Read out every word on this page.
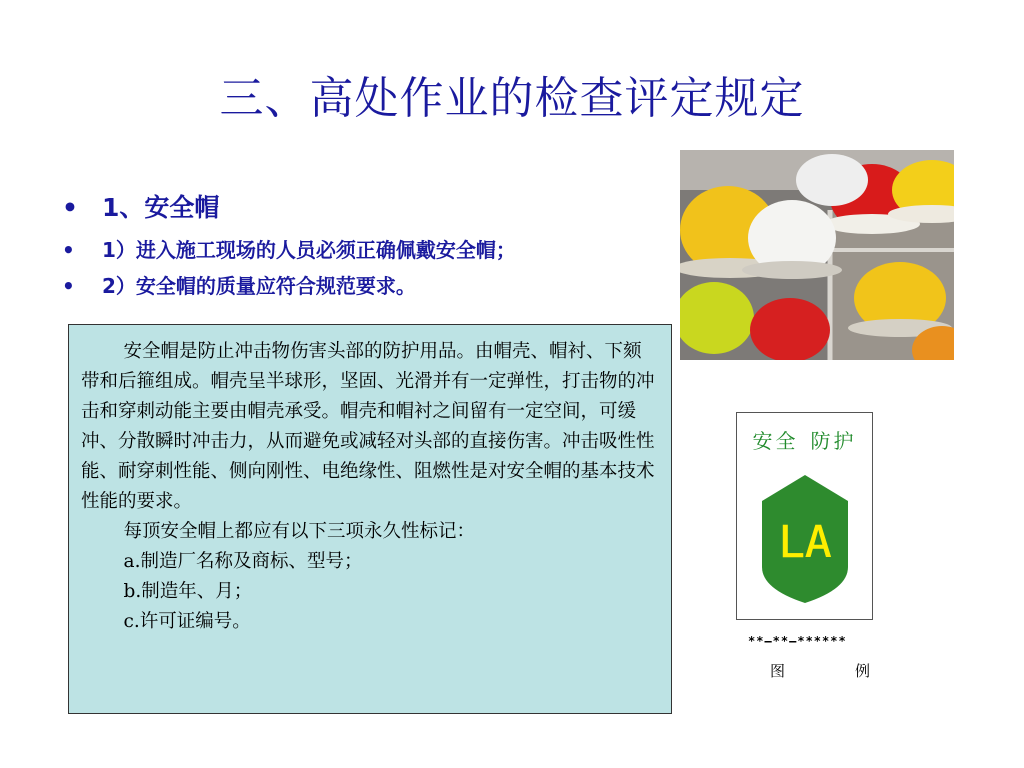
三、高处作业的检查评定规定
• 1、安全帽
• 1）进入施工现场的人员必须正确佩戴安全帽；
• 2）安全帽的质量应符合规范要求。

安全帽是防止冲击物伤害头部的防护用品。由帽壳、帽衬、下颏带和后箍组成。帽壳呈半球形，坚固、光滑并有一定弹性，打击物的冲击和穿刺动能主要由帽壳承受。帽壳和帽衬之间留有一定空间，可缓冲、分散瞬时冲击力，从而避免或减轻对头部的直接伤害。冲击吸性性能、耐穿刺性能、侧向刚性、电绝缘性、阻燃性是对安全帽的基本技术性能的要求。

每顶安全帽上都应有以下三项永久性标记：

a.制造厂名称及商标、型号；

b.制造年、月；

c.许可证编号。

安全 防护
LA
**—**—******
图	例
